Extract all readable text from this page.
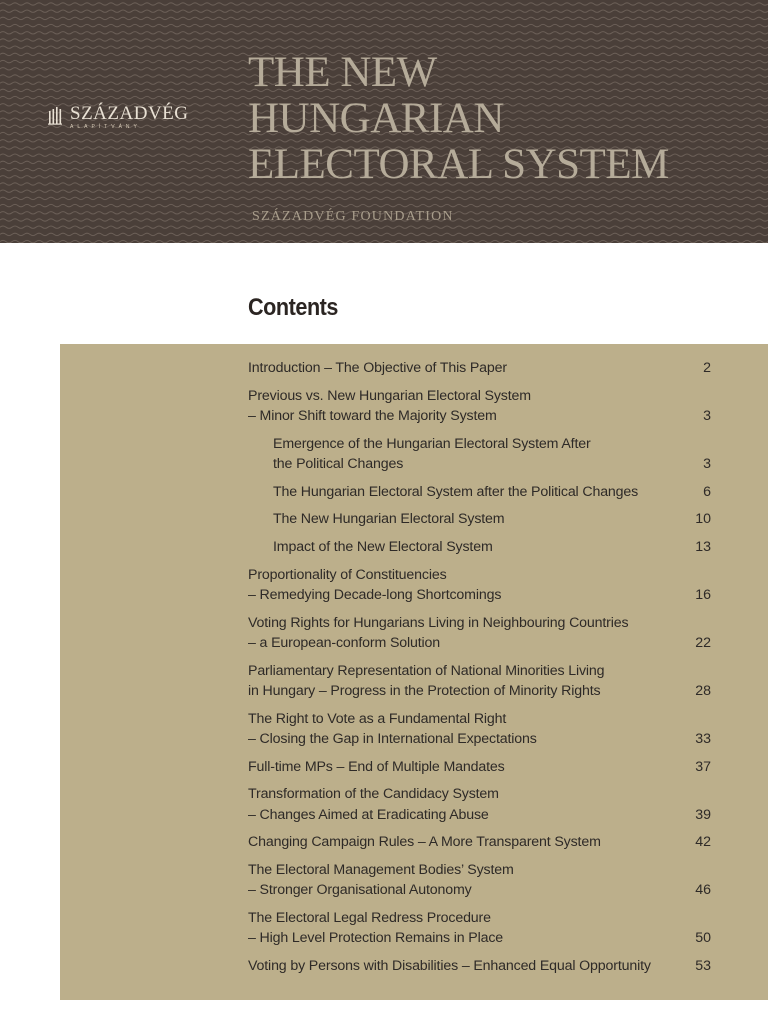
SZÁZADVÉG
ALAPÍTVÁNY
THE NEW
HUNGARIAN
ELECTORAL SYSTEM
SZÁZADVÉG FOUNDATION
Contents
Introduction – The Objective of This Paper	2
Previous vs. New Hungarian Electoral System
– Minor Shift toward the Majority System	3
Emergence of the Hungarian Electoral System After
the Political Changes	3
The Hungarian Electoral System after the Political Changes	6
The New Hungarian Electoral System	10
Impact of the New Electoral System	13
Proportionality of Constituencies
– Remedying Decade-long Shortcomings	16
Voting Rights for Hungarians Living in Neighbouring Countries
– a European-conform Solution	22
Parliamentary Representation of National Minorities Living
in Hungary – Progress in the Protection of Minority Rights	28
The Right to Vote as a Fundamental Right
– Closing the Gap in International Expectations	33
Full-time MPs – End of Multiple Mandates	37
Transformation of the Candidacy System
– Changes Aimed at Eradicating Abuse	39
Changing Campaign Rules – A More Transparent System	42
The Electoral Management Bodies’ System
– Stronger Organisational Autonomy	46
The Electoral Legal Redress Procedure
– High Level Protection Remains in Place	50
Voting by Persons with Disabilities – Enhanced Equal Opportunity	53
